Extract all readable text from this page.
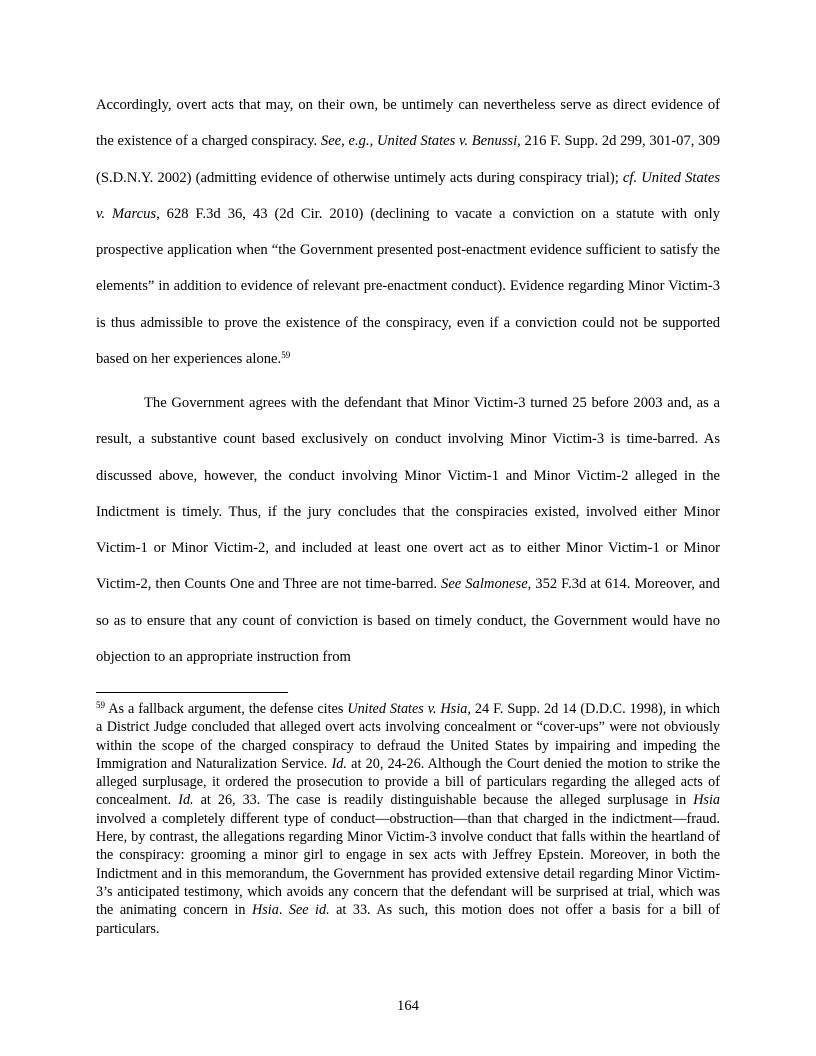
Accordingly, overt acts that may, on their own, be untimely can nevertheless serve as direct evidence of the existence of a charged conspiracy. See, e.g., United States v. Benussi, 216 F. Supp. 2d 299, 301-07, 309 (S.D.N.Y. 2002) (admitting evidence of otherwise untimely acts during conspiracy trial); cf. United States v. Marcus, 628 F.3d 36, 43 (2d Cir. 2010) (declining to vacate a conviction on a statute with only prospective application when “the Government presented post-enactment evidence sufficient to satisfy the elements” in addition to evidence of relevant pre-enactment conduct). Evidence regarding Minor Victim-3 is thus admissible to prove the existence of the conspiracy, even if a conviction could not be supported based on her experiences alone.$^{59}$

The Government agrees with the defendant that Minor Victim-3 turned 25 before 2003 and, as a result, a substantive count based exclusively on conduct involving Minor Victim-3 is time-barred. As discussed above, however, the conduct involving Minor Victim-1 and Minor Victim-2 alleged in the Indictment is timely. Thus, if the jury concludes that the conspiracies existed, involved either Minor Victim-1 or Minor Victim-2, and included at least one overt act as to either Minor Victim-1 or Minor Victim-2, then Counts One and Three are not time-barred. See Salmonese, 352 F.3d at 614. Moreover, and so as to ensure that any count of conviction is based on timely conduct, the Government would have no objection to an appropriate instruction from

$^{59}$ As a fallback argument, the defense cites United States v. Hsia, 24 F. Supp. 2d 14 (D.D.C. 1998), in which a District Judge concluded that alleged overt acts involving concealment or “cover-ups” were not obviously within the scope of the charged conspiracy to defraud the United States by impairing and impeding the Immigration and Naturalization Service. Id. at 20, 24-26. Although the Court denied the motion to strike the alleged surplusage, it ordered the prosecution to provide a bill of particulars regarding the alleged acts of concealment. Id. at 26, 33. The case is readily distinguishable because the alleged surplusage in Hsia involved a completely different type of conduct—obstruction—than that charged in the indictment—fraud. Here, by contrast, the allegations regarding Minor Victim-3 involve conduct that falls within the heartland of the conspiracy: grooming a minor girl to engage in sex acts with Jeffrey Epstein. Moreover, in both the Indictment and in this memorandum, the Government has provided extensive detail regarding Minor Victim-3’s anticipated testimony, which avoids any concern that the defendant will be surprised at trial, which was the animating concern in Hsia. See id. at 33. As such, this motion does not offer a basis for a bill of particulars.

164
